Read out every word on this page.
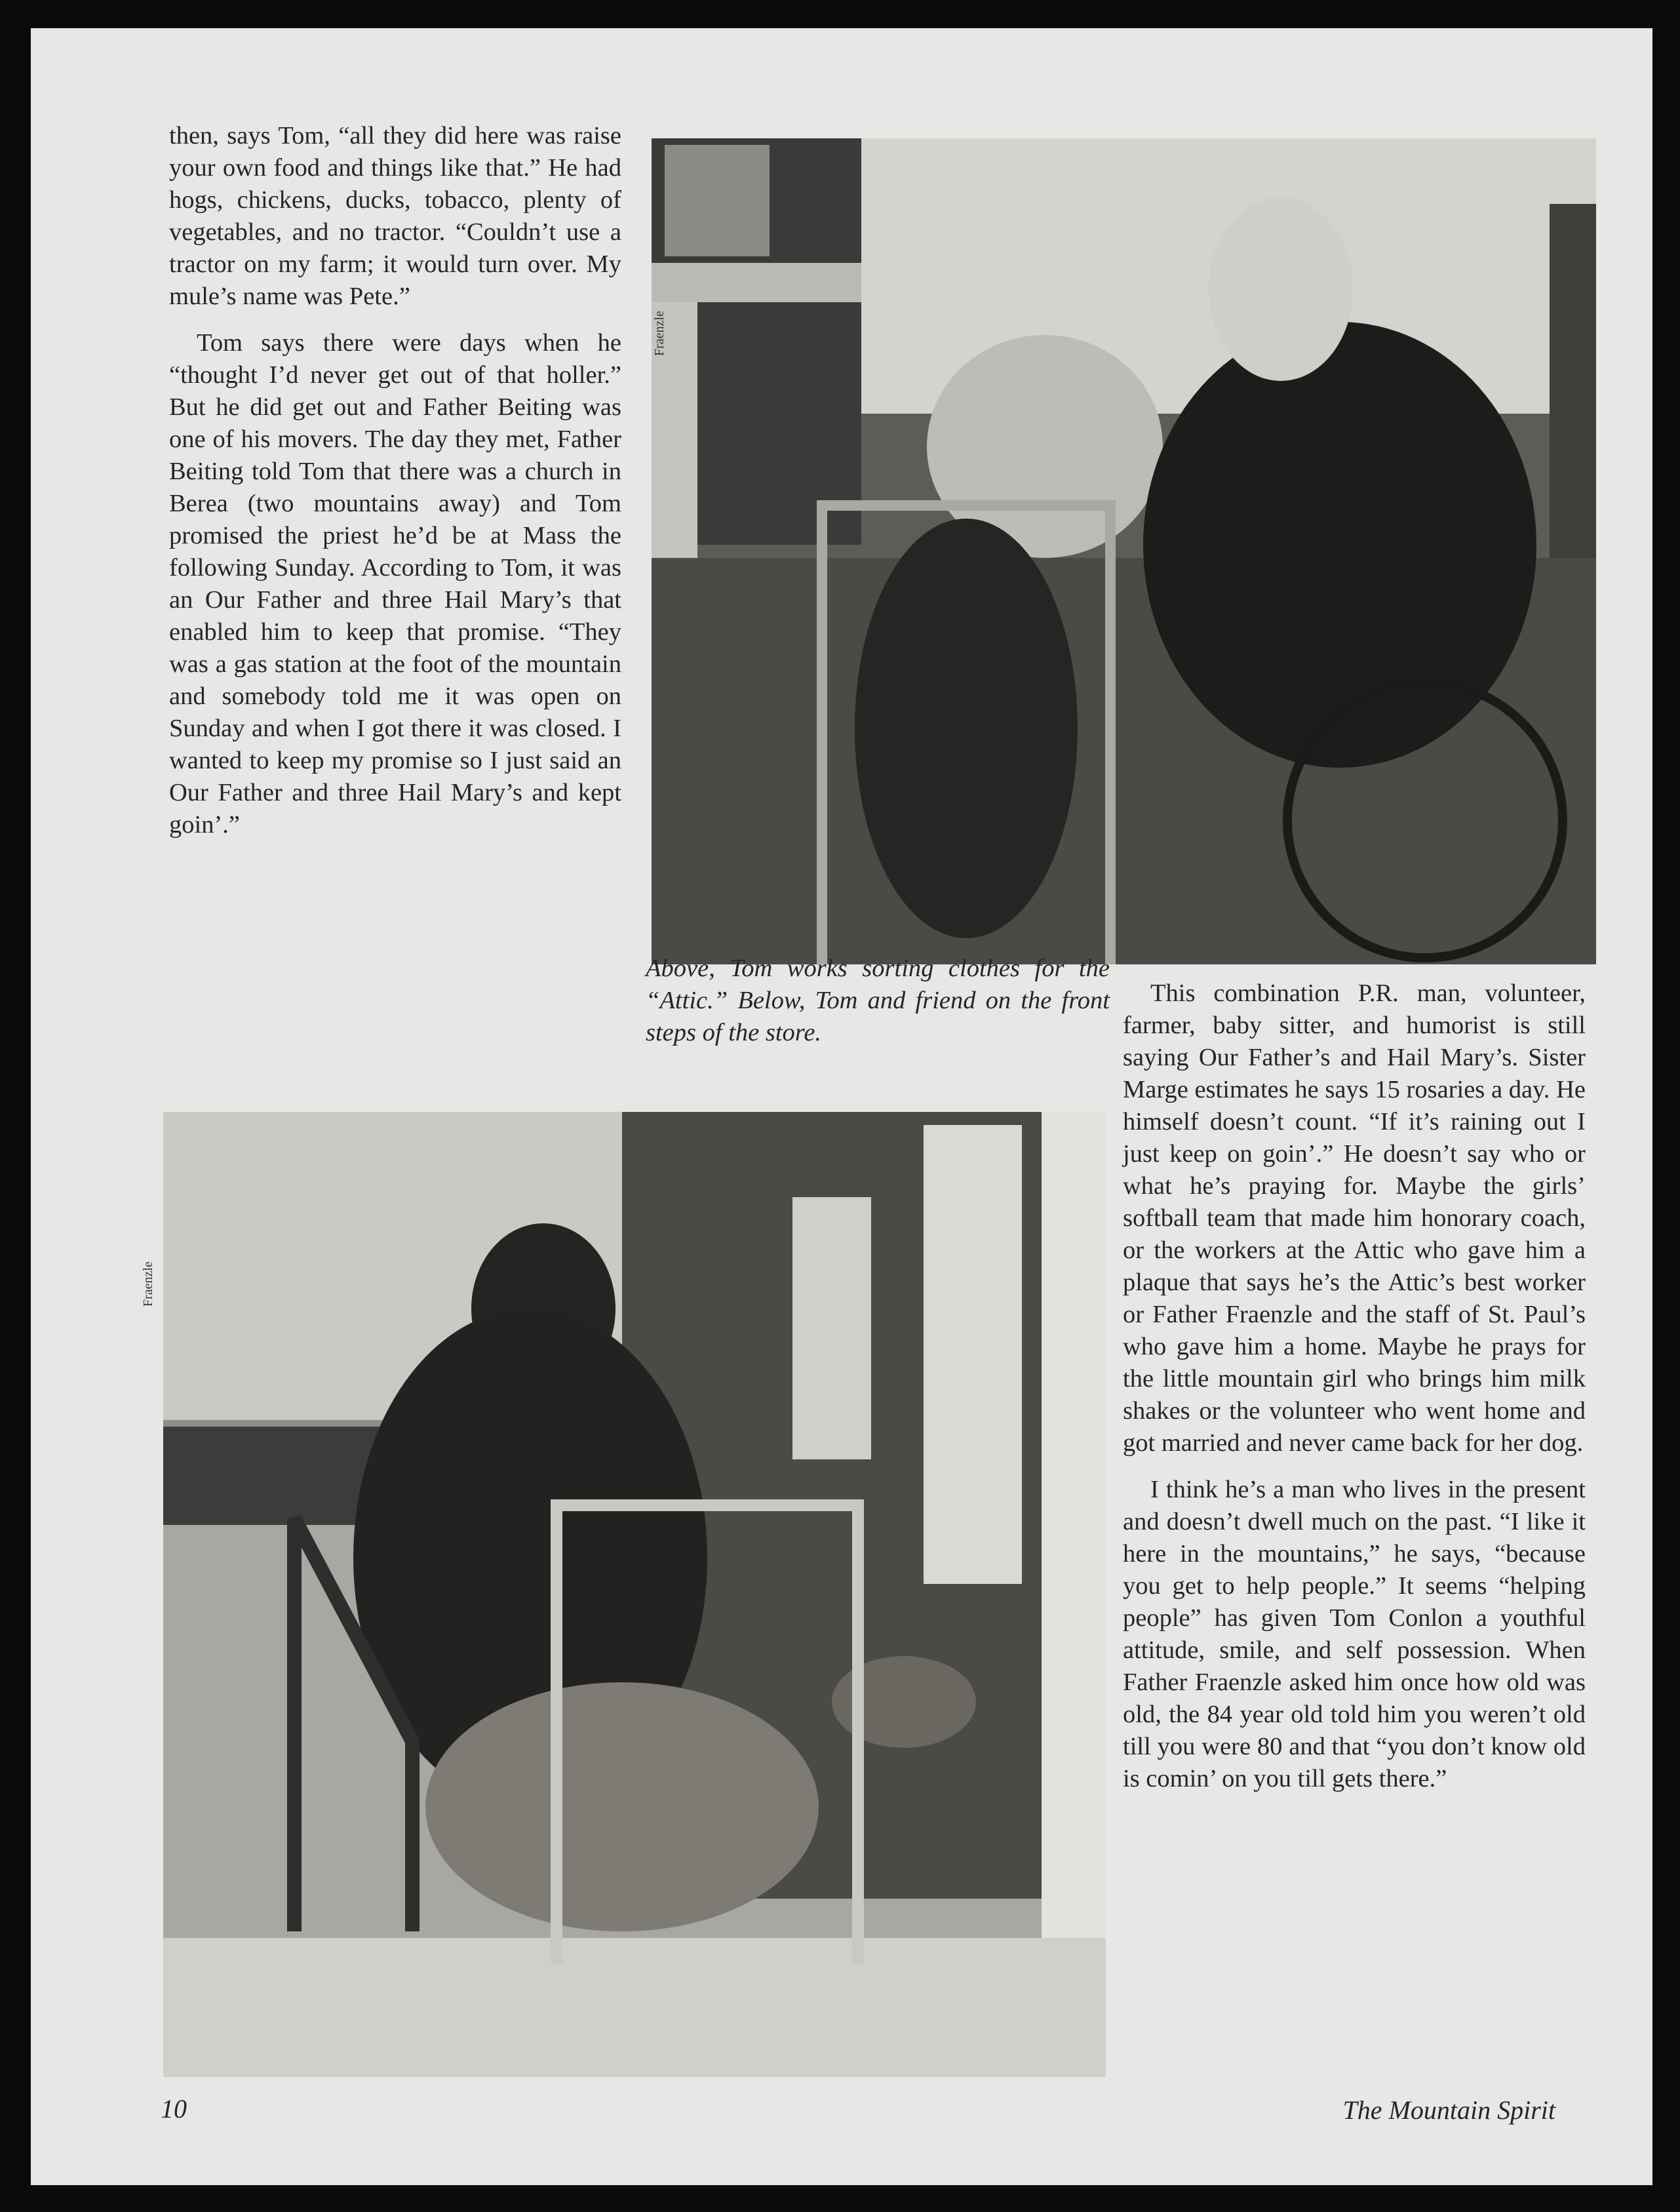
then, says Tom, “all they did here was raise your own food and things like that.” He had hogs, chickens, ducks, tobacco, plenty of vegetables, and no tractor. “Couldn’t use a tractor on my farm; it would turn over. My mule’s name was Pete.”

Tom says there were days when he “thought I’d never get out of that holler.” But he did get out and Father Beiting was one of his movers. The day they met, Father Beiting told Tom that there was a church in Berea (two mountains away) and Tom promised the priest he’d be at Mass the following Sunday. According to Tom, it was an Our Father and three Hail Mary’s that enabled him to keep that promise. “They was a gas station at the foot of the mountain and somebody told me it was open on Sunday and when I got there it was closed. I wanted to keep my promise so I just said an Our Father and three Hail Mary’s and kept goin’.”

Fraenzle
Above, Tom works sorting clothes for the “Attic.” Below, Tom and friend on the front steps of the store.
Fraenzle

This combination P.R. man, volunteer, farmer, baby sitter, and humorist is still saying Our Father’s and Hail Mary’s. Sister Marge estimates he says 15 rosaries a day. He himself doesn’t count. “If it’s raining out I just keep on goin’.” He doesn’t say who or what he’s praying for. Maybe the girls’ softball team that made him honorary coach, or the workers at the Attic who gave him a plaque that says he’s the Attic’s best worker or Father Fraenzle and the staff of St. Paul’s who gave him a home. Maybe he prays for the little mountain girl who brings him milk shakes or the volunteer who went home and got married and never came back for her dog.

I think he’s a man who lives in the present and doesn’t dwell much on the past. “I like it here in the mountains,” he says, “because you get to help people.” It seems “helping people” has given Tom Conlon a youthful attitude, smile, and self possession. When Father Fraenzle asked him once how old was old, the 84 year old told him you weren’t old till you were 80 and that “you don’t know old is comin’ on you till gets there.”

10	The Mountain Spirit
